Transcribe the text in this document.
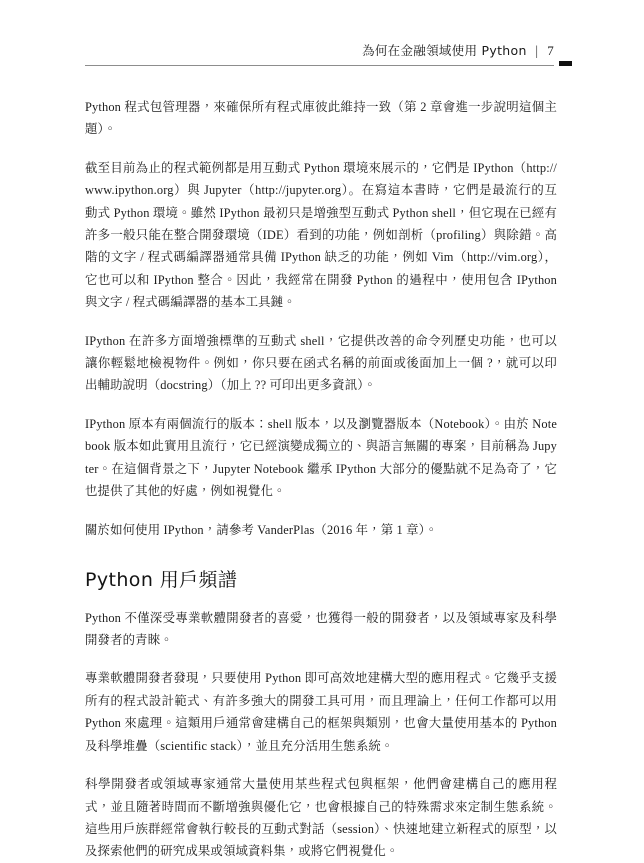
為何在金融領域使用 Python | 7

Python 程式包管理器，來確保所有程式庫彼此維持一致（第 2 章會進一步說明這個主題）。

截至目前為止的程式範例都是用互動式 Python 環境來展示的，它們是 IPython（http://www.ipython.org）與 Jupyter（http://jupyter.org）。在寫這本書時，它們是最流行的互動式 Python 環境。雖然 IPython 最初只是增強型互動式 Python shell，但它現在已經有許多一般只能在整合開發環境（IDE）看到的功能，例如剖析（profiling）與除錯。高階的文字 / 程式碼編譯器通常具備 IPython 缺乏的功能，例如 Vim（http://vim.org），它也可以和 IPython 整合。因此，我經常在開發 Python 的過程中，使用包含 IPython 與文字 / 程式碼編譯器的基本工具鏈。

IPython 在許多方面增強標準的互動式 shell，它提供改善的命令列歷史功能，也可以讓你輕鬆地檢視物件。例如，你只要在函式名稱的前面或後面加上一個 ?，就可以印出輔助說明（docstring）（加上 ?? 可印出更多資訊）。

IPython 原本有兩個流行的版本：shell 版本，以及瀏覽器版本（Notebook）。由於 Notebook 版本如此實用且流行，它已經演變成獨立的、與語言無關的專案，目前稱為 Jupyter。在這個背景之下，Jupyter Notebook 繼承 IPython 大部分的優點就不足為奇了，它也提供了其他的好處，例如視覺化。

關於如何使用 IPython，請參考 VanderPlas（2016 年，第 1 章）。

Python 用戶頻譜

Python 不僅深受專業軟體開發者的喜愛，也獲得一般的開發者，以及領域專家及科學開發者的青睞。

專業軟體開發者發現，只要使用 Python 即可高效地建構大型的應用程式。它幾乎支援所有的程式設計範式、有許多強大的開發工具可用，而且理論上，任何工作都可以用 Python 來處理。這類用戶通常會建構自己的框架與類別，也會大量使用基本的 Python 及科學堆疊（scientific stack），並且充分活用生態系統。

科學開發者或領域專家通常大量使用某些程式包與框架，他們會建構自己的應用程式，並且隨著時間而不斷增強與優化它，也會根據自己的特殊需求來定制生態系統。這些用戶族群經常會執行較長的互動式對話（session）、快速地建立新程式的原型，以及探索他們的研究成果或領域資料集，或將它們視覺化。
